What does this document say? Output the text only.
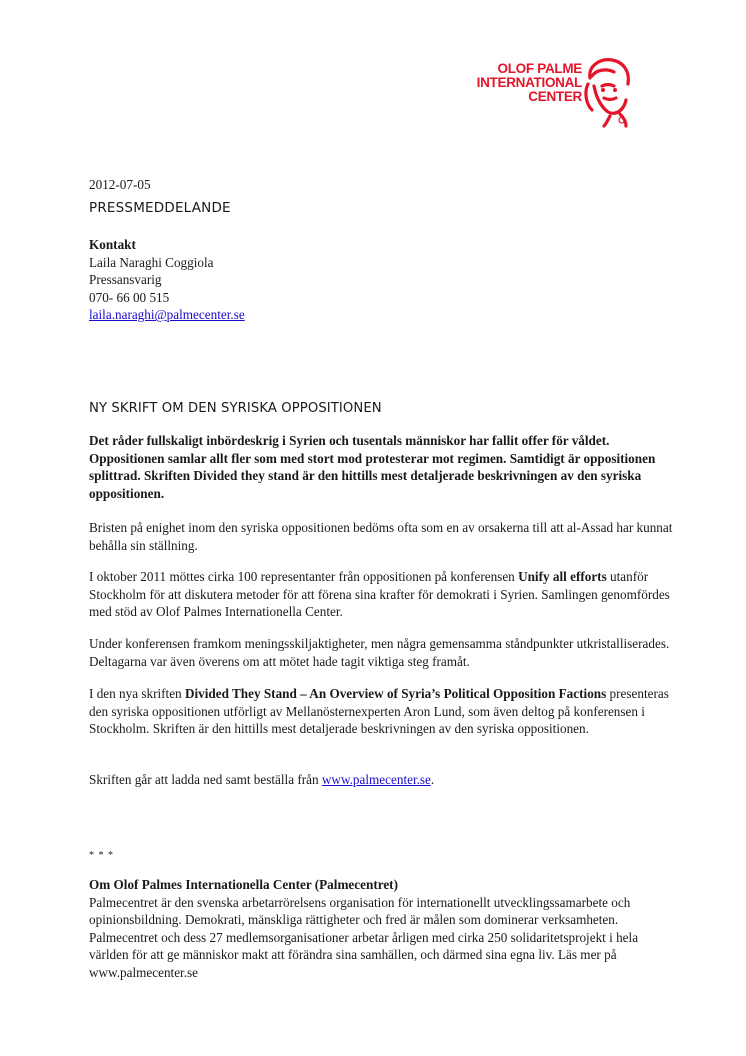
OLOF PALME
INTERNATIONAL
CENTER
2012-07-05
PRESSMEDDELANDE
Kontakt
Laila Naraghi Coggiola
Pressansvarig
070- 66 00 515
laila.naraghi@palmecenter.se
NY SKRIFT OM DEN SYRISKA OPPOSITIONEN
Det råder fullskaligt inbördeskrig i Syrien och tusentals människor har fallit offer för våldet. Oppositionen samlar allt fler som med stort mod protesterar mot regimen. Samtidigt är oppositionen splittrad. Skriften Divided they stand är den hittills mest detaljerade beskrivningen av den syriska oppositionen.
Bristen på enighet inom den syriska oppositionen bedöms ofta som en av orsakerna till att al-Assad har kunnat behålla sin ställning.
I oktober 2011 möttes cirka 100 representanter från oppositionen på konferensen Unify all efforts utanför Stockholm för att diskutera metoder för att förena sina krafter för demokrati i Syrien. Samlingen genomfördes med stöd av Olof Palmes Internationella Center.
Under konferensen framkom meningsskiljaktigheter, men några gemensamma ståndpunkter utkristalliserades. Deltagarna var även överens om att mötet hade tagit viktiga steg framåt.
I den nya skriften Divided They Stand – An Overview of Syria’s Political Opposition Factions presenteras den syriska oppositionen utförligt av Mellanösternexperten Aron Lund, som även deltog på konferensen i Stockholm. Skriften är den hittills mest detaljerade beskrivningen av den syriska oppositionen.
Skriften går att ladda ned samt beställa från www.palmecenter.se.
* * *
Om Olof Palmes Internationella Center (Palmecentret)
Palmecentret är den svenska arbetarrörelsens organisation för internationellt utvecklingssamarbete och opinionsbildning. Demokrati, mänskliga rättigheter och fred är målen som dominerar verksamheten. Palmecentret och dess 27 medlemsorganisationer arbetar årligen med cirka 250 solidaritetsprojekt i hela världen för att ge människor makt att förändra sina samhällen, och därmed sina egna liv. Läs mer på www.palmecenter.se
